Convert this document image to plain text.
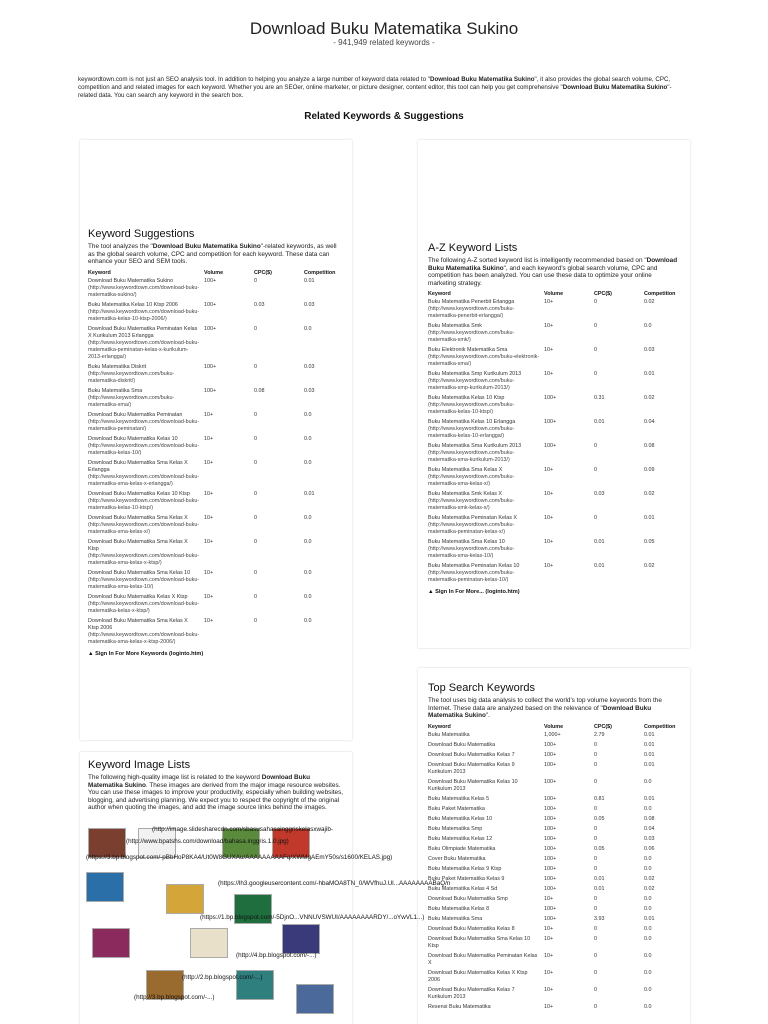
Download Buku Matematika Sukino
- 941,949 related keywords -
keywordtown.com is not just an SEO analysis tool. In addition to helping you analyze a large number of keyword data related to "Download Buku Matematika Sukino", it also provides the global search volume, CPC, competition and and related images for each keyword. Whether you are an SEOer, online marketer, or picture designer, content editor, this tool can help you get comprehensive "Download Buku Matematika Sukino"-related data. You can search any keyword in the search box.
Related Keywords & Suggestions
Keyword Suggestions
The tool analyzes the "Download Buku Matematika Sukino"-related keywords, as well as the global search volume, CPC and competition for each keyword. These data can enhance your SEO and SEM tools.
Keyword	Volume	CPC($)	Competition
Download Buku Matematika Sukino
(http://www.keywordtown.com/download-buku-matematika-sukino/)	100+	0	0.01
Buku Matematika Kelas 10 Ktsp 2006
(http://www.keywordtown.com/download-buku-matematika-kelas-10-ktsp-2006/)	100+	0.03	0.03
Download Buku Matematika Peminatan Kelas X Kurikulum 2013 Erlangga
(http://www.keywordtown.com/download-buku-matematika-peminatan-kelas-x-kurikulum-2013-erlangga/)	100+	0	0.0
Buku Matematika Diskrit
(http://www.keywordtown.com/buku-matematika-diskrit/)	100+	0	0.03
Buku Matematika Sma
(http://www.keywordtown.com/buku-matematika-sma/)	100+	0.08	0.03
Download Buku Matematika Peminatan
(http://www.keywordtown.com/download-buku-matematika-peminatan/)	10+	0	0.0
Download Buku Matematika Kelas 10
(http://www.keywordtown.com/download-buku-matematika-kelas-10/)	10+	0	0.0
Download Buku Matematika Sma Kelas X Erlangga
(http://www.keywordtown.com/download-buku-matematika-sma-kelas-x-erlangga/)	10+	0	0.0
Download Buku Matematika Kelas 10 Ktsp
(http://www.keywordtown.com/download-buku-matematika-kelas-10-ktsp/)	10+	0	0.01
Download Buku Matematika Sma Kelas X
(http://www.keywordtown.com/download-buku-matematika-sma-kelas-x/)	10+	0	0.0
Download Buku Matematika Sma Kelas X Ktsp
(http://www.keywordtown.com/download-buku-matematika-sma-kelas-x-ktsp/)	10+	0	0.0
Download Buku Matematika Sma Kelas 10
(http://www.keywordtown.com/download-buku-matematika-sma-kelas-10/)	10+	0	0.0
Download Buku Matematika Kelas X Ktsp
(http://www.keywordtown.com/download-buku-matematika-kelas-x-ktsp/)	10+	0	0.0
Download Buku Matematika Sma Kelas X Ktsp 2006
(http://www.keywordtown.com/download-buku-matematika-sma-kelas-x-ktsp-2006/)	10+	0	0.0
▲ Sign In For More Keywords (loginto.htm)
A-Z Keyword Lists
The following A-Z sorted keyword list is intelligently recommended based on "Download Buku Matematika Sukino", and each keyword's global search volume, CPC and competition has been analyzed. You can use these data to optimize your online marketing strategy.
Keyword	Volume	CPC($)	Competition
Buku Matematika Penerbit Erlangga
(http://www.keywordtown.com/buku-matematika-penerbit-erlangga/)	10+	0	0.02
Buku Matematika Smk
(http://www.keywordtown.com/buku-matematika-smk/)	10+	0	0.0
Buku Elektronik Matematika Sma
(http://www.keywordtown.com/buku-elektronik-matematika-sma/)	10+	0	0.03
Buku Matematika Smp Kurikulum 2013
(http://www.keywordtown.com/buku-matematika-smp-kurikulum-2013/)	10+	0	0.01
Buku Matematika Kelas 10 Ktsp
(http://www.keywordtown.com/buku-matematika-kelas-10-ktsp/)	100+	0.31	0.02
Buku Matematika Kelas 10 Erlangga
(http://www.keywordtown.com/buku-matematika-kelas-10-erlangga/)	100+	0.01	0.04
Buku Matematika Sma Kurikulum 2013
(http://www.keywordtown.com/buku-matematika-sma-kurikulum-2013/)	100+	0	0.08
Buku Matematika Sma Kelas X
(http://www.keywordtown.com/buku-matematika-sma-kelas-x/)	10+	0	0.09
Buku Matematika Smk Kelas X
(http://www.keywordtown.com/buku-matematika-smk-kelas-x/)	10+	0.03	0.02
Buku Matematika Peminatan Kelas X
(http://www.keywordtown.com/buku-matematika-peminatan-kelas-x/)	10+	0	0.01
Buku Matematika Sma Kelas 10
(http://www.keywordtown.com/buku-matematika-sma-kelas-10/)	10+	0.01	0.05
Buku Matematika Peminatan Kelas 10
(http://www.keywordtown.com/buku-matematika-peminatan-kelas-10/)	10+	0.01	0.02
▲ Sign In For More... (loginto.htm)
Top Search Keywords
The tool uses big data analysis to collect the world's top volume keywords from the Internet. These data are analyzed based on the relevance of "Download Buku Matematika Sukino".
Keyword	Volume	CPC($)	Competition
Buku Matematika	1,000+	2.79	0.01
Download Buku Matematika	100+	0	0.01
Download Buku Matematika Kelas 7	100+	0	0.01
Download Buku Matematika Kelas 9 Kurikulum 2013	100+	0	0.01
Download Buku Matematika Kelas 10 Kurikulum 2013	100+	0	0.0
Buku Matematika Kelas 5	100+	0.81	0.01
Buku Paket Matematika	100+	0	0.0
Buku Matematika Kelas 10	100+	0.05	0.08
Buku Matematika Smp	100+	0	0.04
Buku Matematika Kelas 12	100+	0	0.03
Buku Olimpiade Matematika	100+	0.05	0.06
Cover Buku Matematika	100+	0	0.0
Buku Matematika Kelas 9 Ktsp	100+	0	0.0
Buku Paket Matematika Kelas 9	100+	0.01	0.02
Buku Matematika Kelas 4 Sd	100+	0.01	0.02
Download Buku Matematika Smp	10+	0	0.0
Buku Matematika Kelas 8	100+	0	0.0
Buku Matematika Sma	100+	3.93	0.01
Download Buku Matematika Kelas 8	10+	0	0.0
Download Buku Matematika Sma Kelas 10 Ktsp	10+	0	0.0
Download Buku Matematika Peminatan Kelas X	10+	0	0.0
Download Buku Matematika Kelas X Ktsp 2006	10+	0	0.0
Download Buku Matematika Kelas 7 Kurikulum 2013	10+	0	0.0
Resensi Buku Matematika	10+	0	0.0
Keyword Image Lists
The following high-quality image list is related to the keyword Download Buku Matematika Sukino. These images are derived from the major image resource websites. You can use these images to improve your productivity, especially when building websites, blogging, and advertising planning. We expect you to respect the copyright of the original author when quoting the images, and add the image source links behind the images.
(http://image.slidesharecdn.com/sbasusahasainggriskelasxwajib-
(http://www.bpatshs.com/download/bahasa.inggris.1.0.jpg)
(https://3.bp.blogspot.com/-pBbHoP8KA4/Ut0W8GUXAu/AAAAAAAAAFq/XWMgAEmY50s/s1600/KELAS.jpg)
(https://lh3.googleusercontent.com/-hbaMOA8TN_0/WVfhuJ.Ul...AAAAAAAABaQ/n
(https://1.bp.blogspot.com/-5DjnO...VNNUVSWUI/AAAAAAAARDY/...oYwVL1...)
(http://4.bp.blogspot.com/-...)
(http://2.bp.blogspot.com/-...)
(http://3.bp.blogspot.com/-...)
